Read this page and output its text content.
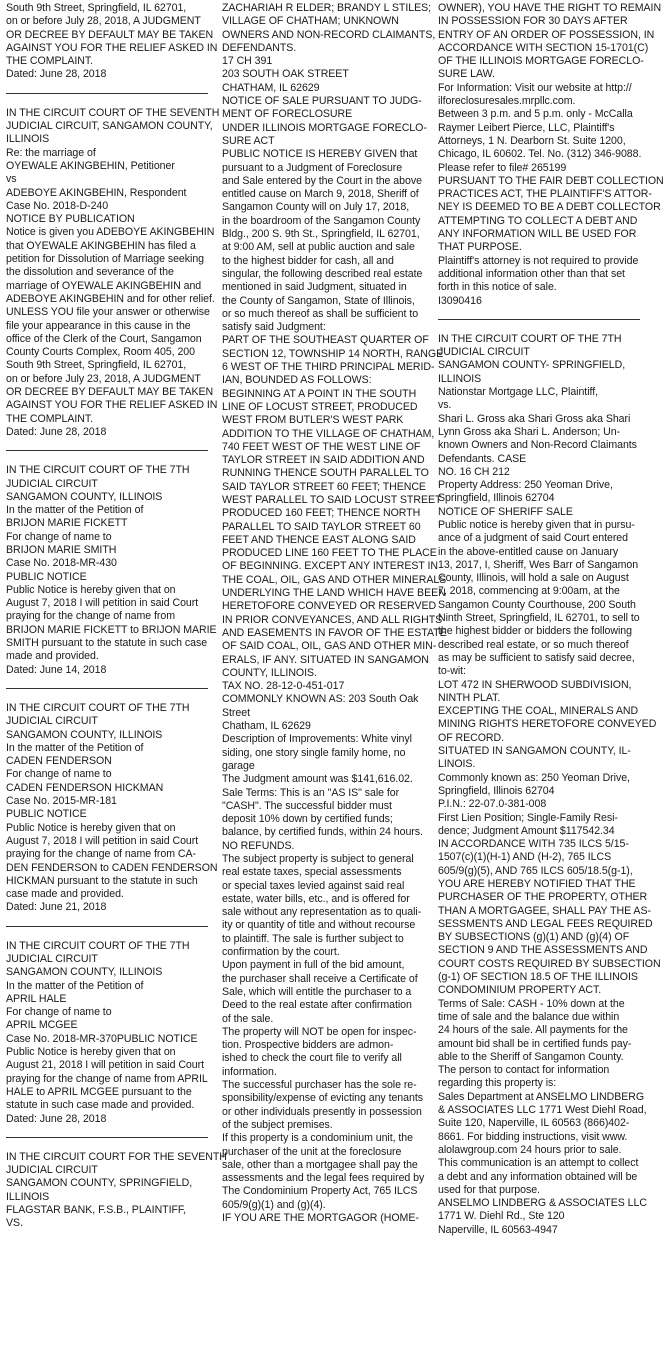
South 9th Street, Springfield, IL 62701,
on or before July 28, 2018, A JUDGMENT
OR DECREE BY DEFAULT MAY BE TAKEN
AGAINST YOU FOR THE RELIEF ASKED IN
THE COMPLAINT.
Dated: June 28, 2018
IN THE CIRCUIT COURT OF THE SEVENTH
JUDICIAL CIRCUIT, SANGAMON COUNTY,
ILLINOIS
Re: the marriage of
OYEWALE AKINGBEHIN, Petitioner
vs
ADEBOYE AKINGBEHIN, Respondent
Case No. 2018-D-240
NOTICE BY PUBLICATION
Notice is given you ADEBOYE AKINGBEHIN
that OYEWALE AKINGBEHIN has filed a
petition for Dissolution of Marriage seeking
the dissolution and severance of the
marriage of OYEWALE AKINGBEHIN and
ADEBOYE AKINGBEHIN and for other relief.
UNLESS YOU file your answer or otherwise
file your appearance in this cause in the
office of the Clerk of the Court, Sangamon
County Courts Complex, Room 405, 200
South 9th Street, Springfield, IL 62701,
on or before July 23, 2018, A JUDGMENT
OR DECREE BY DEFAULT MAY BE TAKEN
AGAINST YOU FOR THE RELIEF ASKED IN
THE COMPLAINT.
Dated: June 28, 2018
IN THE CIRCUIT COURT OF THE 7TH
JUDICIAL CIRCUIT
SANGAMON COUNTY, ILLINOIS
In the matter of the Petition of
BRIJON MARIE FICKETT
For change of name to
BRIJON MARIE SMITH
Case No. 2018-MR-430
PUBLIC NOTICE
Public Notice is hereby given that on
August 7, 2018 I will petition in said Court
praying for the change of name from
BRIJON MARIE FICKETT to BRIJON MARIE
SMITH pursuant to the statute in such case
made and provided.
Dated: June 14, 2018
IN THE CIRCUIT COURT OF THE 7TH
JUDICIAL CIRCUIT
SANGAMON COUNTY, ILLINOIS
In the matter of the Petition of
CADEN FENDERSON
For change of name to
CADEN FENDERSON HICKMAN
Case No. 2015-MR-181
PUBLIC NOTICE
Public Notice is hereby given that on
August 7, 2018 I will petition in said Court
praying for the change of name from CA-
DEN FENDERSON to CADEN FENDERSON
HICKMAN pursuant to the statute in such
case made and provided.
Dated: June 21, 2018
IN THE CIRCUIT COURT OF THE 7TH
JUDICIAL CIRCUIT
SANGAMON COUNTY, ILLINOIS
In the matter of the Petition of
APRIL HALE
For change of name to
APRIL MCGEE
Case No. 2018-MR-370PUBLIC NOTICE
Public Notice is hereby given that on
August 21, 2018 I will petition in said Court
praying for the change of name from APRIL
HALE to APRIL MCGEE pursuant to the
statute in such case made and provided.
Dated: June 28, 2018
IN THE CIRCUIT COURT FOR THE SEVENTH
JUDICIAL CIRCUIT
SANGAMON COUNTY, SPRINGFIELD,
ILLINOIS
FLAGSTAR BANK, F.S.B., PLAINTIFF,
VS.
ZACHARIAH R ELDER; BRANDY L STILES;
VILLAGE OF CHATHAM; UNKNOWN
OWNERS AND NON-RECORD CLAIMANTS,
DEFENDANTS.
17 CH 391
203 SOUTH OAK STREET
CHATHAM, IL 62629
NOTICE OF SALE PURSUANT TO JUDG-
MENT OF FORECLOSURE
UNDER ILLINOIS MORTGAGE FORECLO-
SURE ACT
PUBLIC NOTICE IS HEREBY GIVEN that
pursuant to a Judgment of Foreclosure
and Sale entered by the Court in the above
entitled cause on March 9, 2018, Sheriff of
Sangamon County will on July 17, 2018,
in the boardroom of the Sangamon County
Bldg., 200 S. 9th St., Springfield, IL 62701,
at 9:00 AM, sell at public auction and sale
to the highest bidder for cash, all and
singular, the following described real estate
mentioned in said Judgment, situated in
the County of Sangamon, State of Illinois,
or so much thereof as shall be sufficient to
satisfy said Judgment:
PART OF THE SOUTHEAST QUARTER OF
SECTION 12, TOWNSHIP 14 NORTH, RANGE
6 WEST OF THE THIRD PRINCIPAL MERID-
IAN, BOUNDED AS FOLLOWS:
BEGINNING AT A POINT IN THE SOUTH
LINE OF LOCUST STREET, PRODUCED
WEST FROM BUTLER'S WEST PARK
ADDITION TO THE VILLAGE OF CHATHAM,
740 FEET WEST OF THE WEST LINE OF
TAYLOR STREET IN SAID ADDITION AND
RUNNING THENCE SOUTH PARALLEL TO
SAID TAYLOR STREET 60 FEET; THENCE
WEST PARALLEL TO SAID LOCUST STREET
PRODUCED 160 FEET; THENCE NORTH
PARALLEL TO SAID TAYLOR STREET 60
FEET AND THENCE EAST ALONG SAID
PRODUCED LINE 160 FEET TO THE PLACE
OF BEGINNING. EXCEPT ANY INTEREST IN
THE COAL, OIL, GAS AND OTHER MINERALS
UNDERLYING THE LAND WHICH HAVE BEEN
HERETOFORE CONVEYED OR RESERVED
IN PRIOR CONVEYANCES, AND ALL RIGHTS
AND EASEMENTS IN FAVOR OF THE ESTATE
OF SAID COAL, OIL, GAS AND OTHER MIN-
ERALS, IF ANY. SITUATED IN SANGAMON
COUNTY, ILLINOIS.
TAX NO. 28-12-0-451-017
COMMONLY KNOWN AS: 203 South Oak
Street
Chatham, IL 62629
Description of Improvements: White vinyl
siding, one story single family home, no
garage
The Judgment amount was $141,616.02.
Sale Terms: This is an "AS IS" sale for
"CASH". The successful bidder must
deposit 10% down by certified funds;
balance, by certified funds, within 24 hours.
NO REFUNDS.
The subject property is subject to general
real estate taxes, special assessments
or special taxes levied against said real
estate, water bills, etc., and is offered for
sale without any representation as to quali-
ity or quantity of title and without recourse
to plaintiff. The sale is further subject to
confirmation by the court.
Upon payment in full of the bid amount,
the purchaser shall receive a Certificate of
Sale, which will entitle the purchaser to a
Deed to the real estate after confirmation
of the sale.
The property will NOT be open for inspec-
tion. Prospective bidders are admon-
ished to check the court file to verify all
information.
The successful purchaser has the sole re-
sponsibility/expense of evicting any tenants
or other individuals presently in possession
of the subject premises.
If this property is a condominium unit, the
purchaser of the unit at the foreclosure
sale, other than a mortgagee shall pay the
assessments and the legal fees required by
The Condominium Property Act, 765 ILCS
605/9(g)(1) and (g)(4).
IF YOU ARE THE MORTGAGOR (HOME-
OWNER), YOU HAVE THE RIGHT TO REMAIN
IN POSSESSION FOR 30 DAYS AFTER
ENTRY OF AN ORDER OF POSSESSION, IN
ACCORDANCE WITH SECTION 15-1701(C)
OF THE ILLINOIS MORTGAGE FORECLO-
SURE LAW.
For Information: Visit our website at http://
ilforeclosuresales.mrpllc.com.
Between 3 p.m. and 5 p.m. only - McCalla
Raymer Leibert Pierce, LLC, Plaintiff's
Attorneys, 1 N. Dearborn St. Suite 1200,
Chicago, IL 60602. Tel. No. (312) 346-9088.
Please refer to file# 265199
PURSUANT TO THE FAIR DEBT COLLECTION
PRACTICES ACT, THE PLAINTIFF'S ATTOR-
NEY IS DEEMED TO BE A DEBT COLLECTOR
ATTEMPTING TO COLLECT A DEBT AND
ANY INFORMATION WILL BE USED FOR
THAT PURPOSE.
Plaintiff's attorney is not required to provide
additional information other than that set
forth in this notice of sale.
I3090416
IN THE CIRCUIT COURT OF THE 7TH
JUDICIAL CIRCUIT
SANGAMON COUNTY- SPRINGFIELD,
ILLINOIS
Nationstar Mortgage LLC, Plaintiff,
vs.
Shari L. Gross aka Shari Gross aka Shari
Lynn Gross aka Shari L. Anderson; Un-
known Owners and Non-Record Claimants
Defendants. CASE
NO. 16 CH 212
Property Address: 250 Yeoman Drive,
Springfield, Illinois 62704
NOTICE OF SHERIFF SALE
Public notice is hereby given that in pursu-
ance of a judgment of said Court entered
in the above-entitled cause on January
13, 2017, I, Sheriff, Wes Barr of Sangamon
County, Illinois, will hold a sale on August
7, 2018, commencing at 9:00am, at the
Sangamon County Courthouse, 200 South
Ninth Street, Springfield, IL 62701, to sell to
the highest bidder or bidders the following
described real estate, or so much thereof
as may be sufficient to satisfy said decree,
to-wit:
LOT 472 IN SHERWOOD SUBDIVISION,
NINTH PLAT.
EXCEPTING THE COAL, MINERALS AND
MINING RIGHTS HERETOFORE CONVEYED
OF RECORD.
SITUATED IN SANGAMON COUNTY, IL-
LINOIS.
Commonly known as: 250 Yeoman Drive,
Springfield, Illinois 62704
P.I.N.: 22-07.0-381-008
First Lien Position; Single-Family Resi-
dence; Judgment Amount $117542.34
IN ACCORDANCE WITH 735 ILCS 5/15-
1507(c)(1)(H-1) AND (H-2), 765 ILCS
605/9(g)(5), AND 765 ILCS 605/18.5(g-1),
YOU ARE HEREBY NOTIFIED THAT THE
PURCHASER OF THE PROPERTY, OTHER
THAN A MORTGAGEE, SHALL PAY THE AS-
SESSMENTS AND LEGAL FEES REQUIRED
BY SUBSECTIONS (g)(1) AND (g)(4) OF
SECTION 9 AND THE ASSESSMENTS AND
COURT COSTS REQUIRED BY SUBSECTION
(g-1) OF SECTION 18.5 OF THE ILLINOIS
CONDOMINIUM PROPERTY ACT.
Terms of Sale: CASH - 10% down at the
time of sale and the balance due within
24 hours of the sale. All payments for the
amount bid shall be in certified funds pay-
able to the Sheriff of Sangamon County.
The person to contact for information
regarding this property is:
Sales Department at ANSELMO LINDBERG
& ASSOCIATES LLC 1771 West Diehl Road,
Suite 120, Naperville, IL 60563 (866)402-
8661. For bidding instructions, visit www.
alolawgroup.com 24 hours prior to sale.
This communication is an attempt to collect
a debt and any information obtained will be
used for that purpose.
ANSELMO LINDBERG & ASSOCIATES LLC
1771 W. Diehl Rd., Ste 120
Naperville, IL 60563-4947
